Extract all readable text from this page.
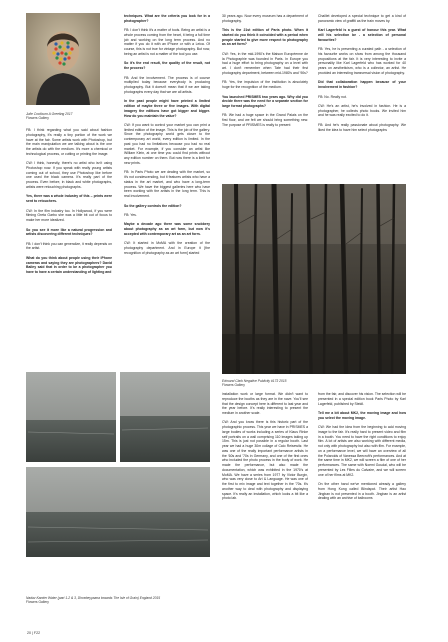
Julie Cockburn A Greeting 2017
Flowers Gallery

FB: I think regarding what you said about fashion photography, it's really a tiny portion of the work we have at the fair. Some artists work with Photoshop, but the main manipulation we are talking about is the one the artists do with the medium. It's more a chemical or technological process, or cutting or printing the image.

CW: I think, honestly, there's no artist who isn't using Photoshop now. If you speak with really young artists coming out of school, they use Photoshop like before one used the black camera. It's really part of the process. Even before, in black and white photographs, artists were retouching photographs.

Yes, there was a whole industry of this – prints were sent to retouchers.

CW: In the film industry too. In Hollywood, if you were filming Greta Garbo she was a little bit out of focus to make her more idealized.

So you see it more like a natural progression and artists discovering different techniques?

FB: I don't think you can generalize, it really depends on the artist.

What do you think about people using their iPhone cameras and saying they are photographers? David Bailey said that in order to be a photographer you have to have a certain understanding of lighting and

techniques. What are the criteria you look for in a photographer?

FB: I don't think it's a matter of tools. Being an artist is a whole process coming from the heart, it being a full time job and working on the long term process. And no matter if you do it with an iPhone or with a Leica. Of course, this is not true for vintage photography. But now, being an artist is not a matter of the tool you use.

So it's the end result, the quality of the result, not the process?

FB: And the involvement. The process is of course multiplied today because everybody is producing photography. But it doesn't mean that if we are taking photographs every day that we are all artists.

In the past people might have printed a limited edition of maybe three or five images. With digital imagery the editions have got bigger and bigger. How do you maintain the value?

CW: If you want to control your market you can print a limited edition of the image. This is the job of the gallery. Since the photography world gets closer to the contemporary art world, every edition is limited. In the past you had no limitations because you had no real market. For example, if you consider an artist like William Klein, at one time you could find prints without any edition number on them. But now there is a limit for new prints.

FB: In Paris Photo we are dealing with the market, so it's not condescending, but it features artists who have a status in the art market, and who have a long-term process. We have the biggest galleries here who have been working with the artists in the long term. This is real involvement.

So the gallery controls the edition?

FB: Yes.

Maybe a decade ago there was some snobbery about photography as an art form, but now it's accepted with contemporary art as an art form.

CW: It started in MoMA with the creation of the photography department. And in Europe it [the recognition of photography as an art form] started

30 years ago. Now every museum has a department of photography.

This is the 21st edition of Paris photo. When it started do you think it coincided with a period when people started to give more respect to photography as an art form?

CW: Yes, in the mid-1990's the Maison Européenne de la Photographie was founded in Paris. In Europe you had a huge effort to bring photography on a level with art. I don't remember when Tate had their first photography department, between mid-1980's and '90s?

FB: Yes, the impulsion of the institution is absolutely huge for the recognition of the medium.

You launched PRISMES two years ago. Why did you decide there was the need for a separate section for large format photographs?

FB: We had a huge space in the Grand Palais on the first floor, and we felt we should bring something new. The purpose of PRISMES is really to present

Chaillet developed a special technique to get a kind of panoramic view of graffiti as the train moves by.

Karl Lagerfeld is a guest of honour this year. What will his selection be - a selection of personal favourites?

FB: Yes, he is presenting a curated path - a selection of his favourite works on show from among the thousand propositions at the fair. It is very interesting to invite a personality like Karl Lagerfeld who has worked for 40 years on aestheticism, who is a collector, an artist. He provided an interesting transversal vision of photography.

Did that collaboration happen because of your involvement in fashion?

FB: No. Really not.

CW: He's an artist, he's involved in fashion. He is a photographer, he collects photo books. We invited him and he was really excited to do it.

FB: And he's really passionate about photography. We liked the idea to have him select photographs

Edmund Clark Negative Publicity #173 2015
Flowers Gallery

installation work or large format. We didn't want to reproduce the booths as they are in the nave. You'll see that the design concept here is different to last year and the year before. It's really interesting to present the medium in another scale.

CW: And you know there is this historic part of the photographic process. This year we have in PRISMES a large bodies of works including a series of Klaus Rinke self portraits on a wall comprising 110 images taking up 15m. This is just not possible in a regular booth. Last year we had a huge 30m collage of Caio Reisewitz. He was one of the really important performance artists in the '60s and '70s in Germany, and one of the first ones who included the photo process in the body of work. He made the performance, but also made the documentation, which was exhibited in the 1970's at MoMA. We have a series from 1977 by Victor Burgin, who was very close to Art & Language. He was one of the first to mix image and text together in the '70s. It's another way to deal with photography and displaying space. It's really an installation, which looks a bit like a photo lab.

from the fair, and discover his vision. The selection will be presented in a special edition book Paris Photo by Karl Lagerfeld, published by Steidl.

Tell me a bit about MK2, the moving image and how you select the moving image.

CW: We had the idea from the beginning to add moving image to the fair. It's really hard to present video and film in a booth. You need to have the right conditions to enjoy film. A lot of artists are also working with different media, not only with photography but also with film. For example, on a performance level, we will have an overview of all the Polaroids of Vanessa Beecroft's performances. And at the same time in MK2, we will screen a film of one of her performances. The same with Noemi Goudal, who will be presented by Les Filles du Calvaire, and we will screen one of her films at MK2.

On the other hand we've mentioned already a gallery from Hong Kong called Blindspot. Their artist Hao Jingban is not presented in a booth. Jingban is an artist dealing with an archive of ballrooms

Nadav Kander Water (part 1-2 & 3, Dhoebeyyaana towards The Isle of Grain) England 2015
Flowers Gallery
20 | F22
